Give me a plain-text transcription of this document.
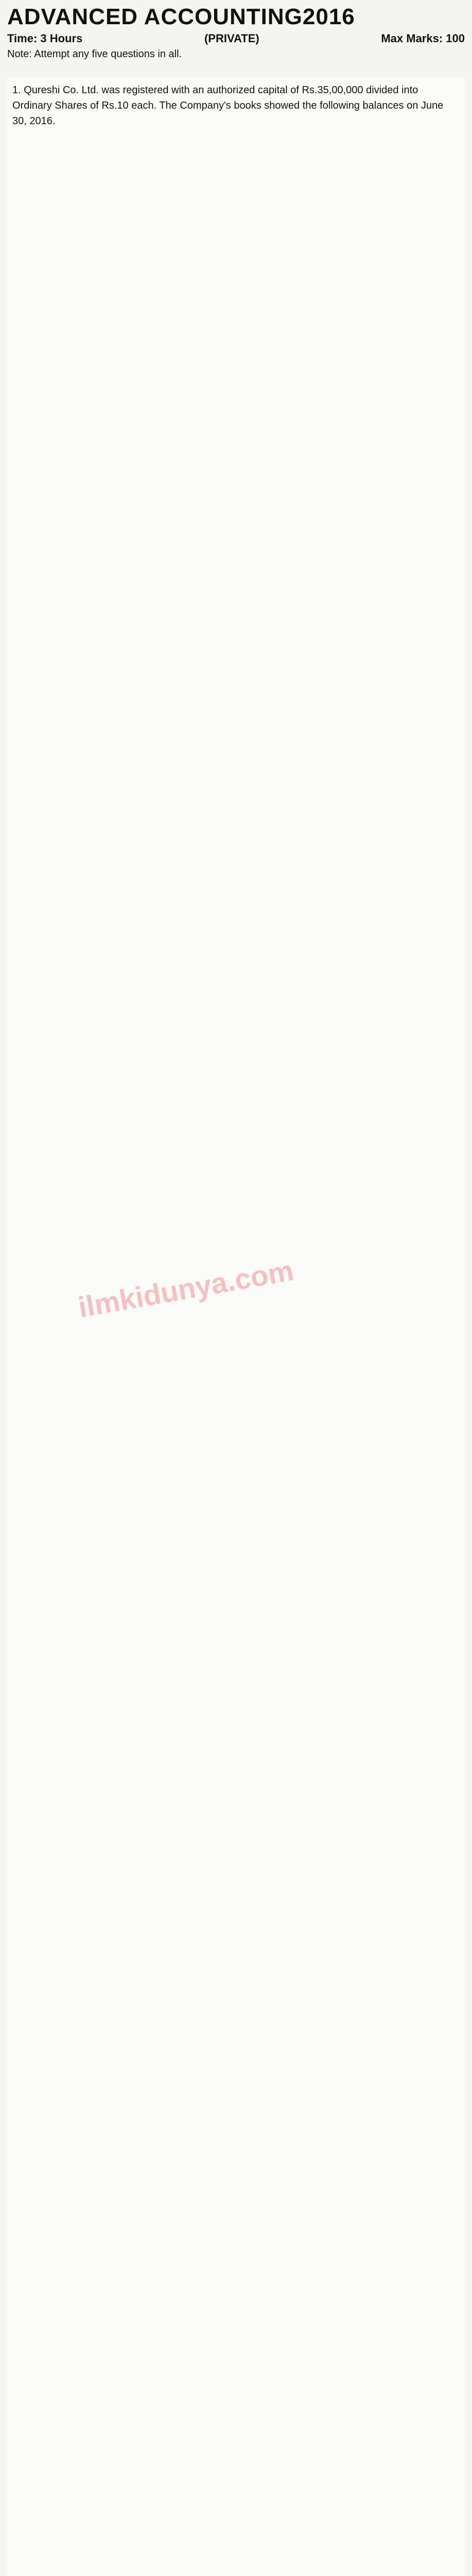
ADVANCED ACCOUNTING2016
Time: 3 Hours	(PRIVATE)	Max Marks: 100
Note: Attempt any five questions in all.
1. Qureshi Co. Ltd. was registered with an authorized capital of Rs.35,00,000 divided into Ordinary Shares of Rs.10 each. The Company's books showed the following balances on June 30, 2016.
ilmkidunya.com
